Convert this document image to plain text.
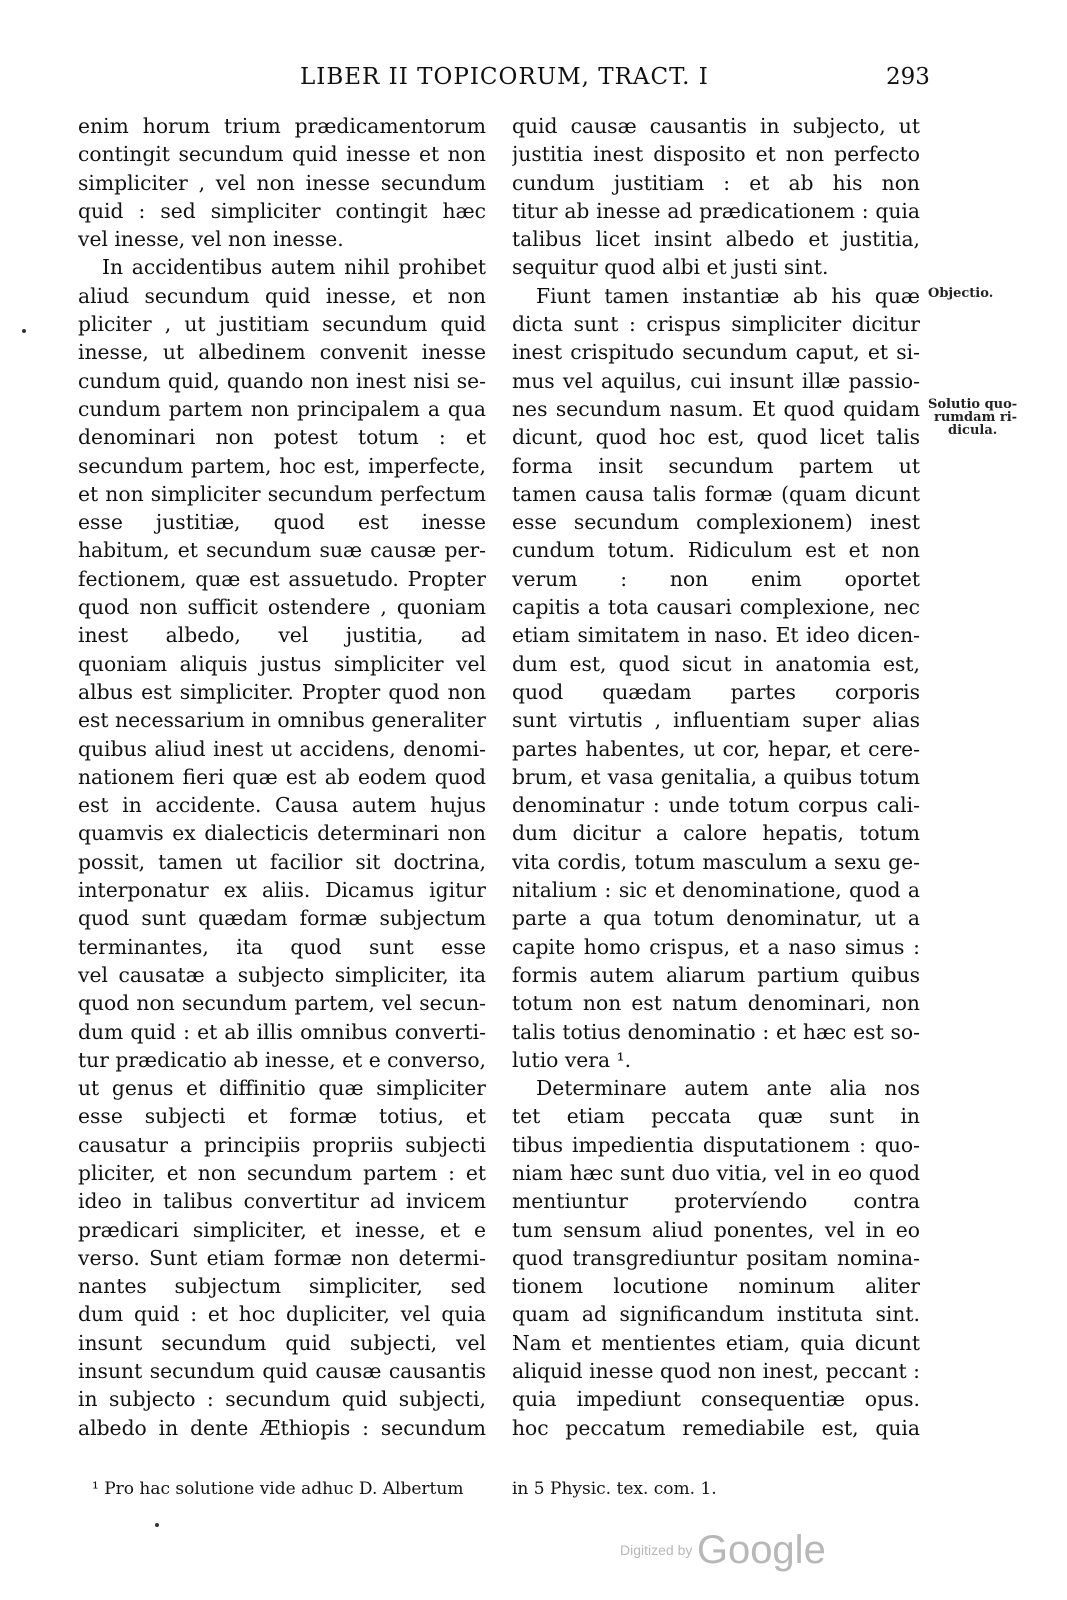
LIBER II TOPICORUM, TRACT. I	293
enim horum trium prædicamentorum
contingit secundum quid inesse et non
simpliciter , vel non inesse secundum
quid : sed simpliciter contingit hæc
vel inesse, vel non inesse.
In accidentibus autem nihil prohibet
aliud secundum quid inesse, et non
pliciter , ut justitiam secundum quid
inesse, ut albedinem convenit inesse
cundum quid, quando non inest nisi se-
cundum partem non principalem a qua
denominari non potest totum : et
secundum partem, hoc est, imperfecte,
et non simpliciter secundum perfectum
esse justitiæ, quod est inesse
habitum, et secundum suæ causæ per-
fectionem, quæ est assuetudo. Propter
quod non sufficit ostendere , quoniam
inest albedo, vel justitia, ad
quoniam aliquis justus simpliciter vel
albus est simpliciter. Propter quod non
est necessarium in omnibus generaliter
quibus aliud inest ut accidens, denomi-
nationem fieri quæ est ab eodem quod
est in accidente. Causa autem hujus
quamvis ex dialecticis determinari non
possit, tamen ut facilior sit doctrina,
interponatur ex aliis. Dicamus igitur
quod sunt quædam formæ subjectum
terminantes, ita quod sunt esse
vel causatæ a subjecto simpliciter, ita
quod non secundum partem, vel secun-
dum quid : et ab illis omnibus converti-
tur prædicatio ab inesse, et e converso,
ut genus et diffinitio quæ simpliciter
esse subjecti et formæ totius, et
causatur a principiis propriis subjecti
pliciter, et non secundum partem : et
ideo in talibus convertitur ad invicem
prædicari simpliciter, et inesse, et e
verso. Sunt etiam formæ non determi-
nantes subjectum simpliciter, sed
dum quid : et hoc dupliciter, vel quia
insunt secundum quid subjecti, vel
insunt secundum quid causæ causantis
in subjecto : secundum quid subjecti,
albedo in dente Æthiopis : secundum
quid causæ causantis in subjecto, ut
justitia inest disposito et non perfecto
cundum justitiam : et ab his non
titur ab inesse ad prædicationem : quia
talibus licet insint albedo et justitia,
sequitur quod albi et justi sint.
Fiunt tamen instantiæ ab his quæ
dicta sunt : crispus simpliciter dicitur
inest crispitudo secundum caput, et si-
mus vel aquilus, cui insunt illæ passio-
nes secundum nasum. Et quod quidam
dicunt, quod hoc est, quod licet talis
forma insit secundum partem ut
tamen causa talis formæ (quam dicunt
esse secundum complexionem) inest
cundum totum. Ridiculum est et non
verum : non enim oportet
capitis a tota causari complexione, nec
etiam simitatem in naso. Et ideo dicen-
dum est, quod sicut in anatomia est,
quod quædam partes corporis
sunt virtutis , influentiam super alias
partes habentes, ut cor, hepar, et cere-
brum, et vasa genitalia, a quibus totum
denominatur : unde totum corpus cali-
dum dicitur a calore hepatis, totum
vita cordis, totum masculum a sexu ge-
nitalium : sic et denominatione, quod a
parte a qua totum denominatur, ut a
capite homo crispus, et a naso simus :
formis autem aliarum partium quibus
totum non est natum denominari, non
talis totius denominatio : et hæc est so-
lutio vera ¹.
Determinare autem ante alia nos
tet etiam peccata quæ sunt in
tibus impedientia disputationem : quo-
niam hæc sunt duo vitia, vel in eo quod
mentiuntur protervíendo contra
tum sensum aliud ponentes, vel in eo
quod transgrediuntur positam nomina-
tionem locutione nominum aliter
quam ad significandum instituta sint.
Nam et mentientes etiam, quia dicunt
aliquid inesse quod non inest, peccant :
quia impediunt consequentiæ opus.
hoc peccatum remediabile est, quia
Objectio.
Solutio quo-
rumdam ri-
dicula.
¹ Pro hac solutione vide adhuc D. Albertum	in 5 Physic. tex. com. 1.
Digitized by Google
